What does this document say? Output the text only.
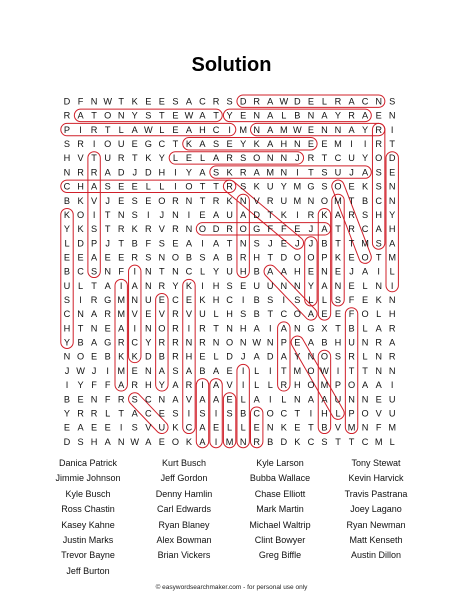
Solution
D F N W T K E E S A C R S D R A W D E L R A C N S
R A T O N Y S T E W A T Y E N A L B N A Y R A E N
P I R T L A W L E A H C I M N A M W E N N A Y R I
S R I O U E G C T K A S E Y K A H N E E M I I R T
H V T U R T K Y L E L A R S O N N J R T C U Y O D
N R R A D J D H I Y A S K R A M N I T S U J A S E
C H A S E E L L I O T T R S K U Y M G S O E K S N
B K V J E S E O R N T R K N V R U M N O M T B C N
K O I T N S I J N I E A U A D T K I R K A R S H Y
Y K S T R K R V R N O D R O G F F E J A T R C A H
L D P J T B F S E A I A T N S J E J J B T T M S A
E E A E E R S N O B S A B R H T D O O P K E O T M
B C S N F I N T N C L Y U H B A A H E N E J A I L
U L T A I A N R Y K I H S E U U N N Y A N E L N I
S I R G M N U E C E K H C I B S I S L L S F E K N
C N A R M V E V R V U L H S B T C O A E E F O L H
H T N E A I N O R I R T N H A I A N G X T B L A R
Y B A G R C Y R R N R N O N W N P E A B H U N R A
N O E B K K D B R H E L D J A D A Y N O S R L N R
J W J I M E N A S A B A E I L I T M O W I T T N N
I Y F F A R H Y A R I A V I L L R H O M P O A A I
B E N F R S C N A V A A E L A I L N A A U N N E U
Y R R L T A C E S I S I S B C O C T I H L P O V U
E A E E I S V U K C A E L L E N K E T B V M N F M
D S H A N W A E O K A I M N R B D K C S T T C M L
Danica Patrick
Jimmie Johnson
Kyle Busch
Ross Chastin
Kasey Kahne
Justin Marks
Trevor Bayne
Jeff Burton
Kurt Busch
Jeff Gordon
Denny Hamlin
Carl Edwards
Ryan Blaney
Alex Bowman
Brian Vickers
Kyle Larson
Bubba Wallace
Chase Elliott
Mark Martin
Michael Waltrip
Clint Bowyer
Greg Biffle
Tony Stewat
Kevin Harvick
Travis Pastrana
Joey Lagano
Ryan Newman
Matt Kenseth
Austin Dillon
© easywordsearchmaker.com - for personal use only
